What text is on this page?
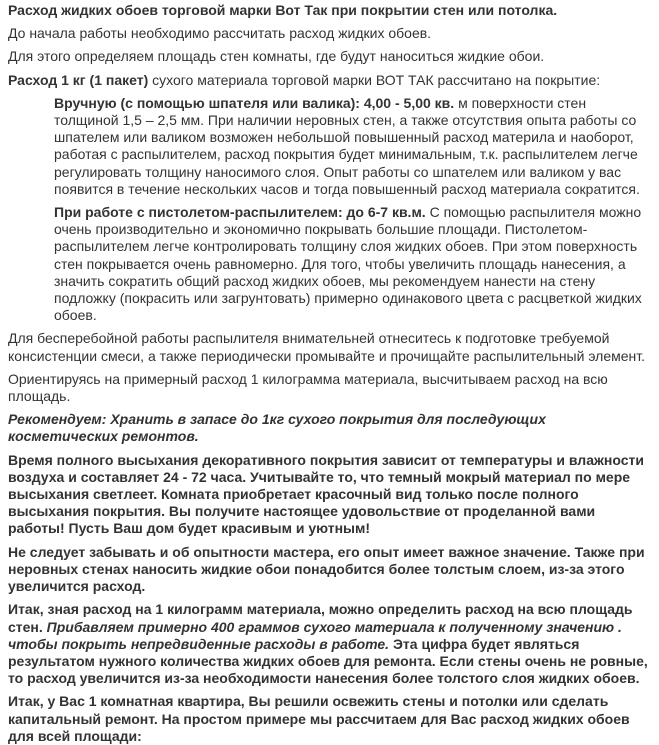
Расход жидких обоев торговой марки Вот Так при покрытии стен или потолка.

До начала работы необходимо рассчитать расход жидких обоев.

Для этого определяем площадь стен комнаты, где будут наноситься жидкие обои.

Расход 1 кг (1 пакет) сухого материала торговой марки ВОТ ТАК рассчитано на покрытие:

Вручную (с помощью шпателя или валика): 4,00 - 5,00 кв. м поверхности стен толщиной 1,5 – 2,5 мм. При наличии неровных стен, а также отсутствия опыта работы со шпателем или валиком возможен небольшой повышенный расход материла и наоборот, работая с распылителем, расход покрытия будет минимальным, т.к. распылителем легче регулировать толщину наносимого слоя. Опыт работы со шпателем или валиком у вас появится в течение нескольких часов и тогда повышенный расход материала сократится.

При работе с пистолетом-распылителем: до 6-7 кв.м. С помощью распылителя можно очень производительно и экономично покрывать большие площади. Пистолетом-распылителем легче контролировать толщину слоя жидких обоев. При этом поверхность стен покрывается очень равномерно. Для того, чтобы увеличить площадь нанесения, а значить сократить общий расход жидких обоев, мы рекомендуем нанести на стену подложку (покрасить или загрунтовать) примерно одинакового цвета с расцветкой жидких обоев.

Для бесперебойной работы распылителя внимательней отнеситесь к подготовке требуемой консистенции смеси, а также периодически промывайте и прочищайте распылительный элемент.

Ориентируясь на примерный расход 1 килограмма материала, высчитываем расход на всю площадь.

Рекомендуем: Хранить в запасе до 1кг сухого покрытия для последующих косметических ремонтов.

Время полного высыхания декоративного покрытия зависит от температуры и влажности воздуха и составляет 24 - 72 часа. Учитывайте то, что темный мокрый материал по мере высыхания светлеет. Комната приобретает красочный вид только после полного высыхания покрытия. Вы получите настоящее удовольствие от проделанной вами работы! Пусть Ваш дом будет красивым и уютным!

Не следует забывать и об опытности мастера, его опыт имеет важное значение. Также при неровных стенах наносить жидкие обои понадобится более толстым слоем, из-за этого увеличится расход.

Итак, зная расход на 1 килограмм материала, можно определить расход на всю площадь стен. Прибавляем примерно 400 граммов сухого материала к полученному значению . чтобы покрыть непредвиденные расходы в работе. Эта цифра будет являться результатом нужного количества жидких обоев для ремонта. Если стены очень не ровные, то расход увеличится из-за необходимости нанесения более толстого слоя жидких обоев.

Итак, у Вас 1 комнатная квартира, Вы решили освежить стены и потолки или сделать капитальный ремонт. На простом примере мы рассчитаем для Вас расход жидких обоев для всей площади:
